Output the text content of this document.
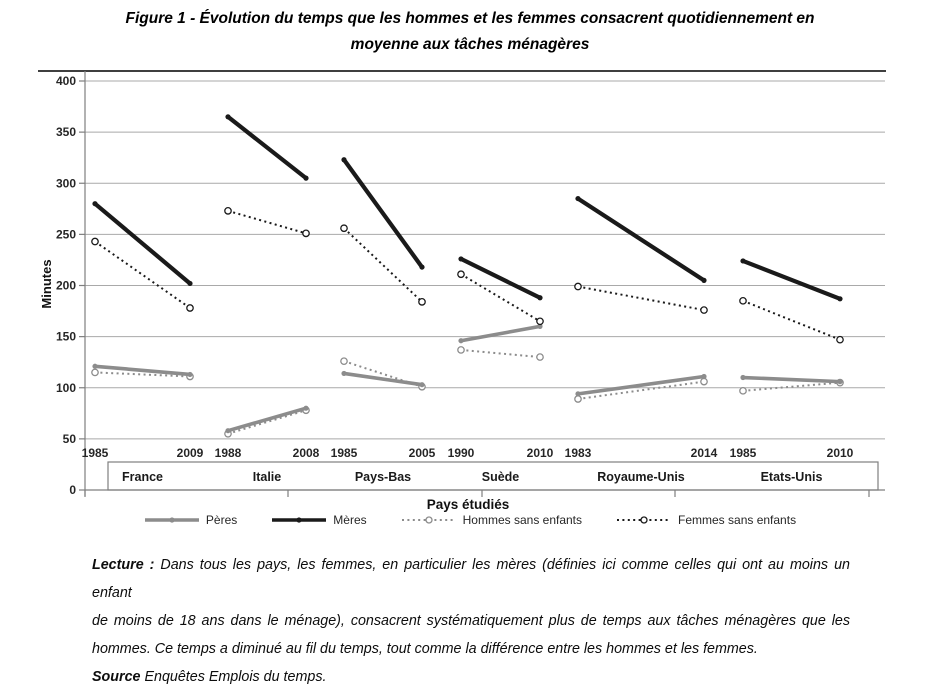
Figure 1 - Évolution du temps que les hommes et les femmes consacrent quotidiennement en
moyenne aux tâches ménagères
Minutes
Pays étudiés
0
50
100
150
200
250
300
350
400
1985	2009
France
1988	2008
Italie
1985	2005
Pays-Bas
1990	2010
Suède
1983	2014
Royaume-Unis
1985	2010
Etats-Unis
Pères	Mères	Hommes sans enfants	Femmes sans enfants
Lecture : Dans tous les pays, les femmes, en particulier les mères (définies ici comme celles qui ont au moins un enfant
de moins de 18 ans dans le ménage), consacrent systématiquement plus de temps aux tâches ménagères que les
hommes. Ce temps a diminué au fil du temps, tout comme la différence entre les hommes et les femmes.
Source Enquêtes Emplois du temps.
